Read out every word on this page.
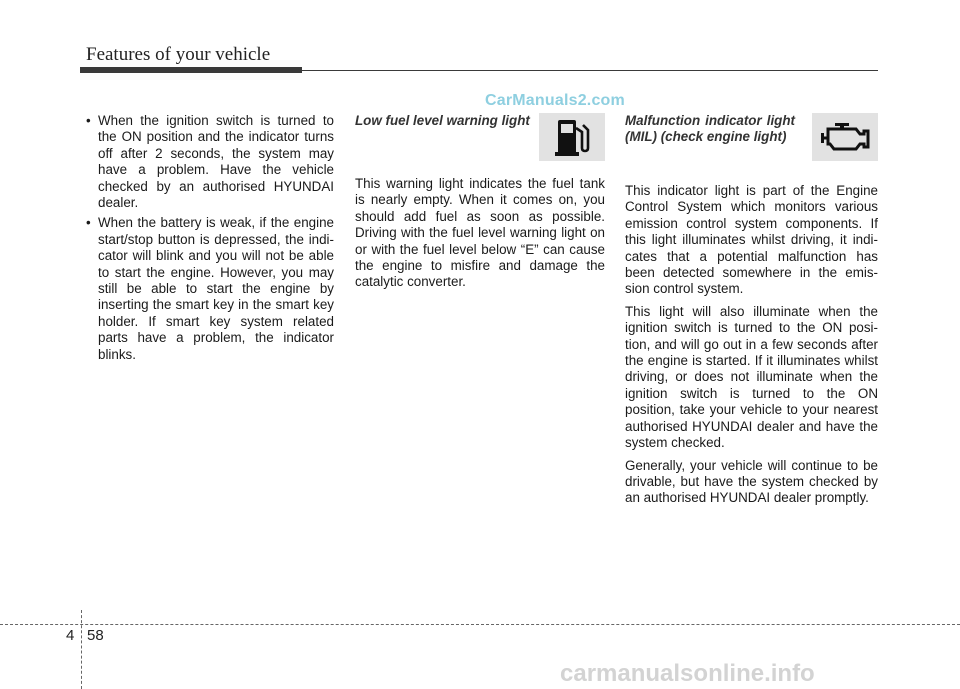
Features of your vehicle
CarManuals2.com
• When the ignition switch is turned to the ON position and the indicator turns off after 2 seconds, the system may have a problem. Have the vehicle checked by an authorised HYUNDAI dealer.
• When the battery is weak, if the engine start/stop button is depressed, the indi-cator will blink and you will not be able to start the engine. However, you may still be able to start the engine by inserting the smart key in the smart key holder. If smart key system related parts have a problem, the indicator blinks.

Low fuel level warning light

This warning light indicates the fuel tank is nearly empty. When it comes on, you should add fuel as soon as possible. Driving with the fuel level warning light on or with the fuel level below “E” can cause the engine to misfire and damage the catalytic converter.

Malfunction indicator light (MIL) (check engine light)

This indicator light is part of the Engine Control System which monitors various emission control system components. If this light illuminates whilst driving, it indi-cates that a potential malfunction has been detected somewhere in the emis-sion control system.

This light will also illuminate when the ignition switch is turned to the ON posi-tion, and will go out in a few seconds after the engine is started. If it illuminates whilst driving, or does not illuminate when the ignition switch is turned to the ON position, take your vehicle to your nearest authorised HYUNDAI dealer and have the system checked.

Generally, your vehicle will continue to be drivable, but have the system checked by an authorised HYUNDAI dealer promptly.

4 58
carmanualsonline.info
